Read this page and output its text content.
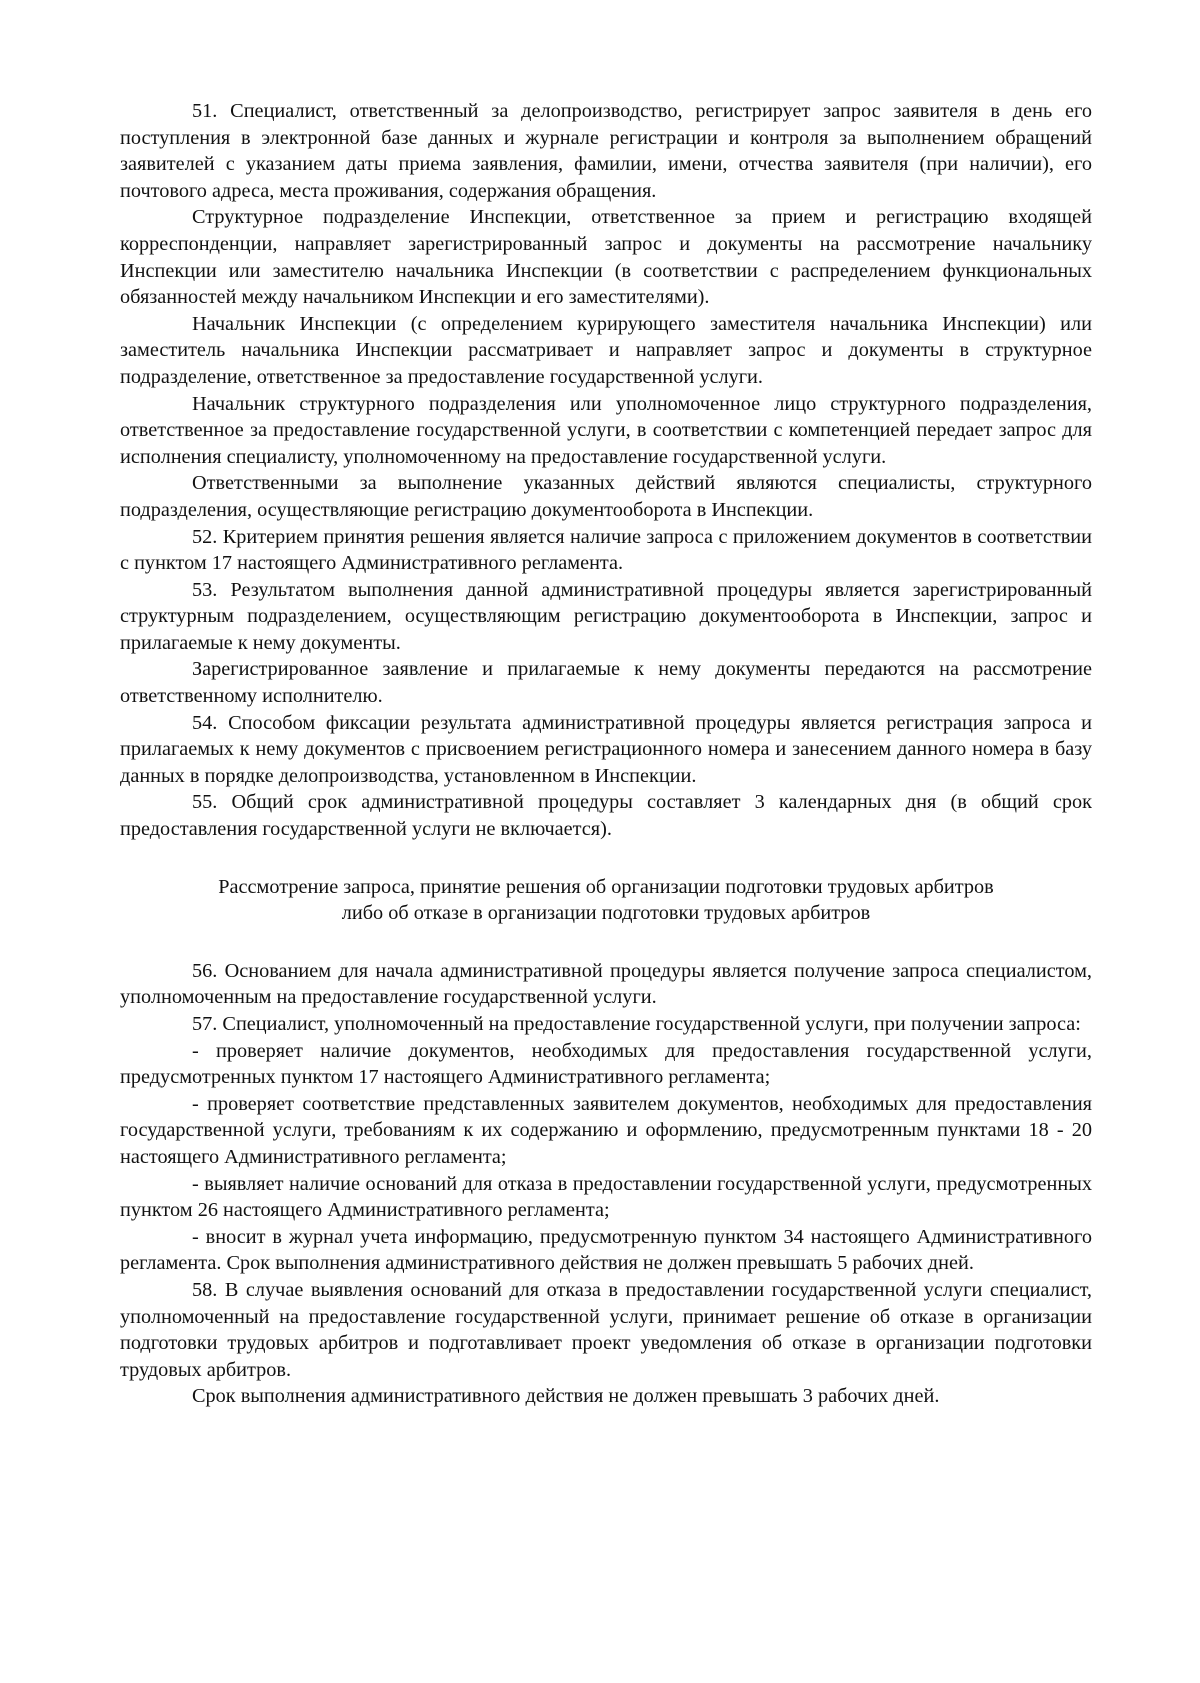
51. Специалист, ответственный за делопроизводство, регистрирует запрос заявителя в день его поступления в электронной базе данных и журнале регистрации и контроля за выполнением обращений заявителей с указанием даты приема заявления, фамилии, имени, отчества заявителя (при наличии), его почтового адреса, места проживания, содержания обращения.

Структурное подразделение Инспекции, ответственное за прием и регистрацию входящей корреспонденции, направляет зарегистрированный запрос и документы на рассмотрение начальнику Инспекции или заместителю начальника Инспекции (в соответствии с распределением функциональных обязанностей между начальником Инспекции и его заместителями).

Начальник Инспекции (с определением курирующего заместителя начальника Инспекции) или заместитель начальника Инспекции рассматривает и направляет запрос и документы в структурное подразделение, ответственное за предоставление государственной услуги.

Начальник структурного подразделения или уполномоченное лицо структурного подразделения, ответственное за предоставление государственной услуги, в соответствии с компетенцией передает запрос для исполнения специалисту, уполномоченному на предоставление государственной услуги.

Ответственными за выполнение указанных действий являются специалисты, структурного подразделения, осуществляющие регистрацию документооборота в Инспекции.

52. Критерием принятия решения является наличие запроса с приложением документов в соответствии с пунктом 17 настоящего Административного регламента.

53. Результатом выполнения данной административной процедуры является зарегистрированный структурным подразделением, осуществляющим регистрацию документооборота в Инспекции, запрос и прилагаемые к нему документы.

Зарегистрированное заявление и прилагаемые к нему документы передаются на рассмотрение ответственному исполнителю.

54. Способом фиксации результата административной процедуры является регистрация запроса и прилагаемых к нему документов с присвоением регистрационного номера и занесением данного номера в базу данных в порядке делопроизводства, установленном в Инспекции.

55. Общий срок административной процедуры составляет 3 календарных дня (в общий срок предоставления государственной услуги не включается).

Рассмотрение запроса, принятие решения об организации подготовки трудовых арбитров
либо об отказе в организации подготовки трудовых арбитров

56. Основанием для начала административной процедуры является получение запроса специалистом, уполномоченным на предоставление государственной услуги.

57. Специалист, уполномоченный на предоставление государственной услуги, при получении запроса:

- проверяет наличие документов, необходимых для предоставления государственной услуги, предусмотренных пунктом 17 настоящего Административного регламента;

- проверяет соответствие представленных заявителем документов, необходимых для предоставления государственной услуги, требованиям к их содержанию и оформлению, предусмотренным пунктами 18 - 20 настоящего Административного регламента;

- выявляет наличие оснований для отказа в предоставлении государственной услуги, предусмотренных пунктом 26 настоящего Административного регламента;

- вносит в журнал учета информацию, предусмотренную пунктом 34 настоящего Административного регламента. Срок выполнения административного действия не должен превышать 5 рабочих дней.

58. В случае выявления оснований для отказа в предоставлении государственной услуги специалист, уполномоченный на предоставление государственной услуги, принимает решение об отказе в организации подготовки трудовых арбитров и подготавливает проект уведомления об отказе в организации подготовки трудовых арбитров.

Срок выполнения административного действия не должен превышать 3 рабочих дней.
